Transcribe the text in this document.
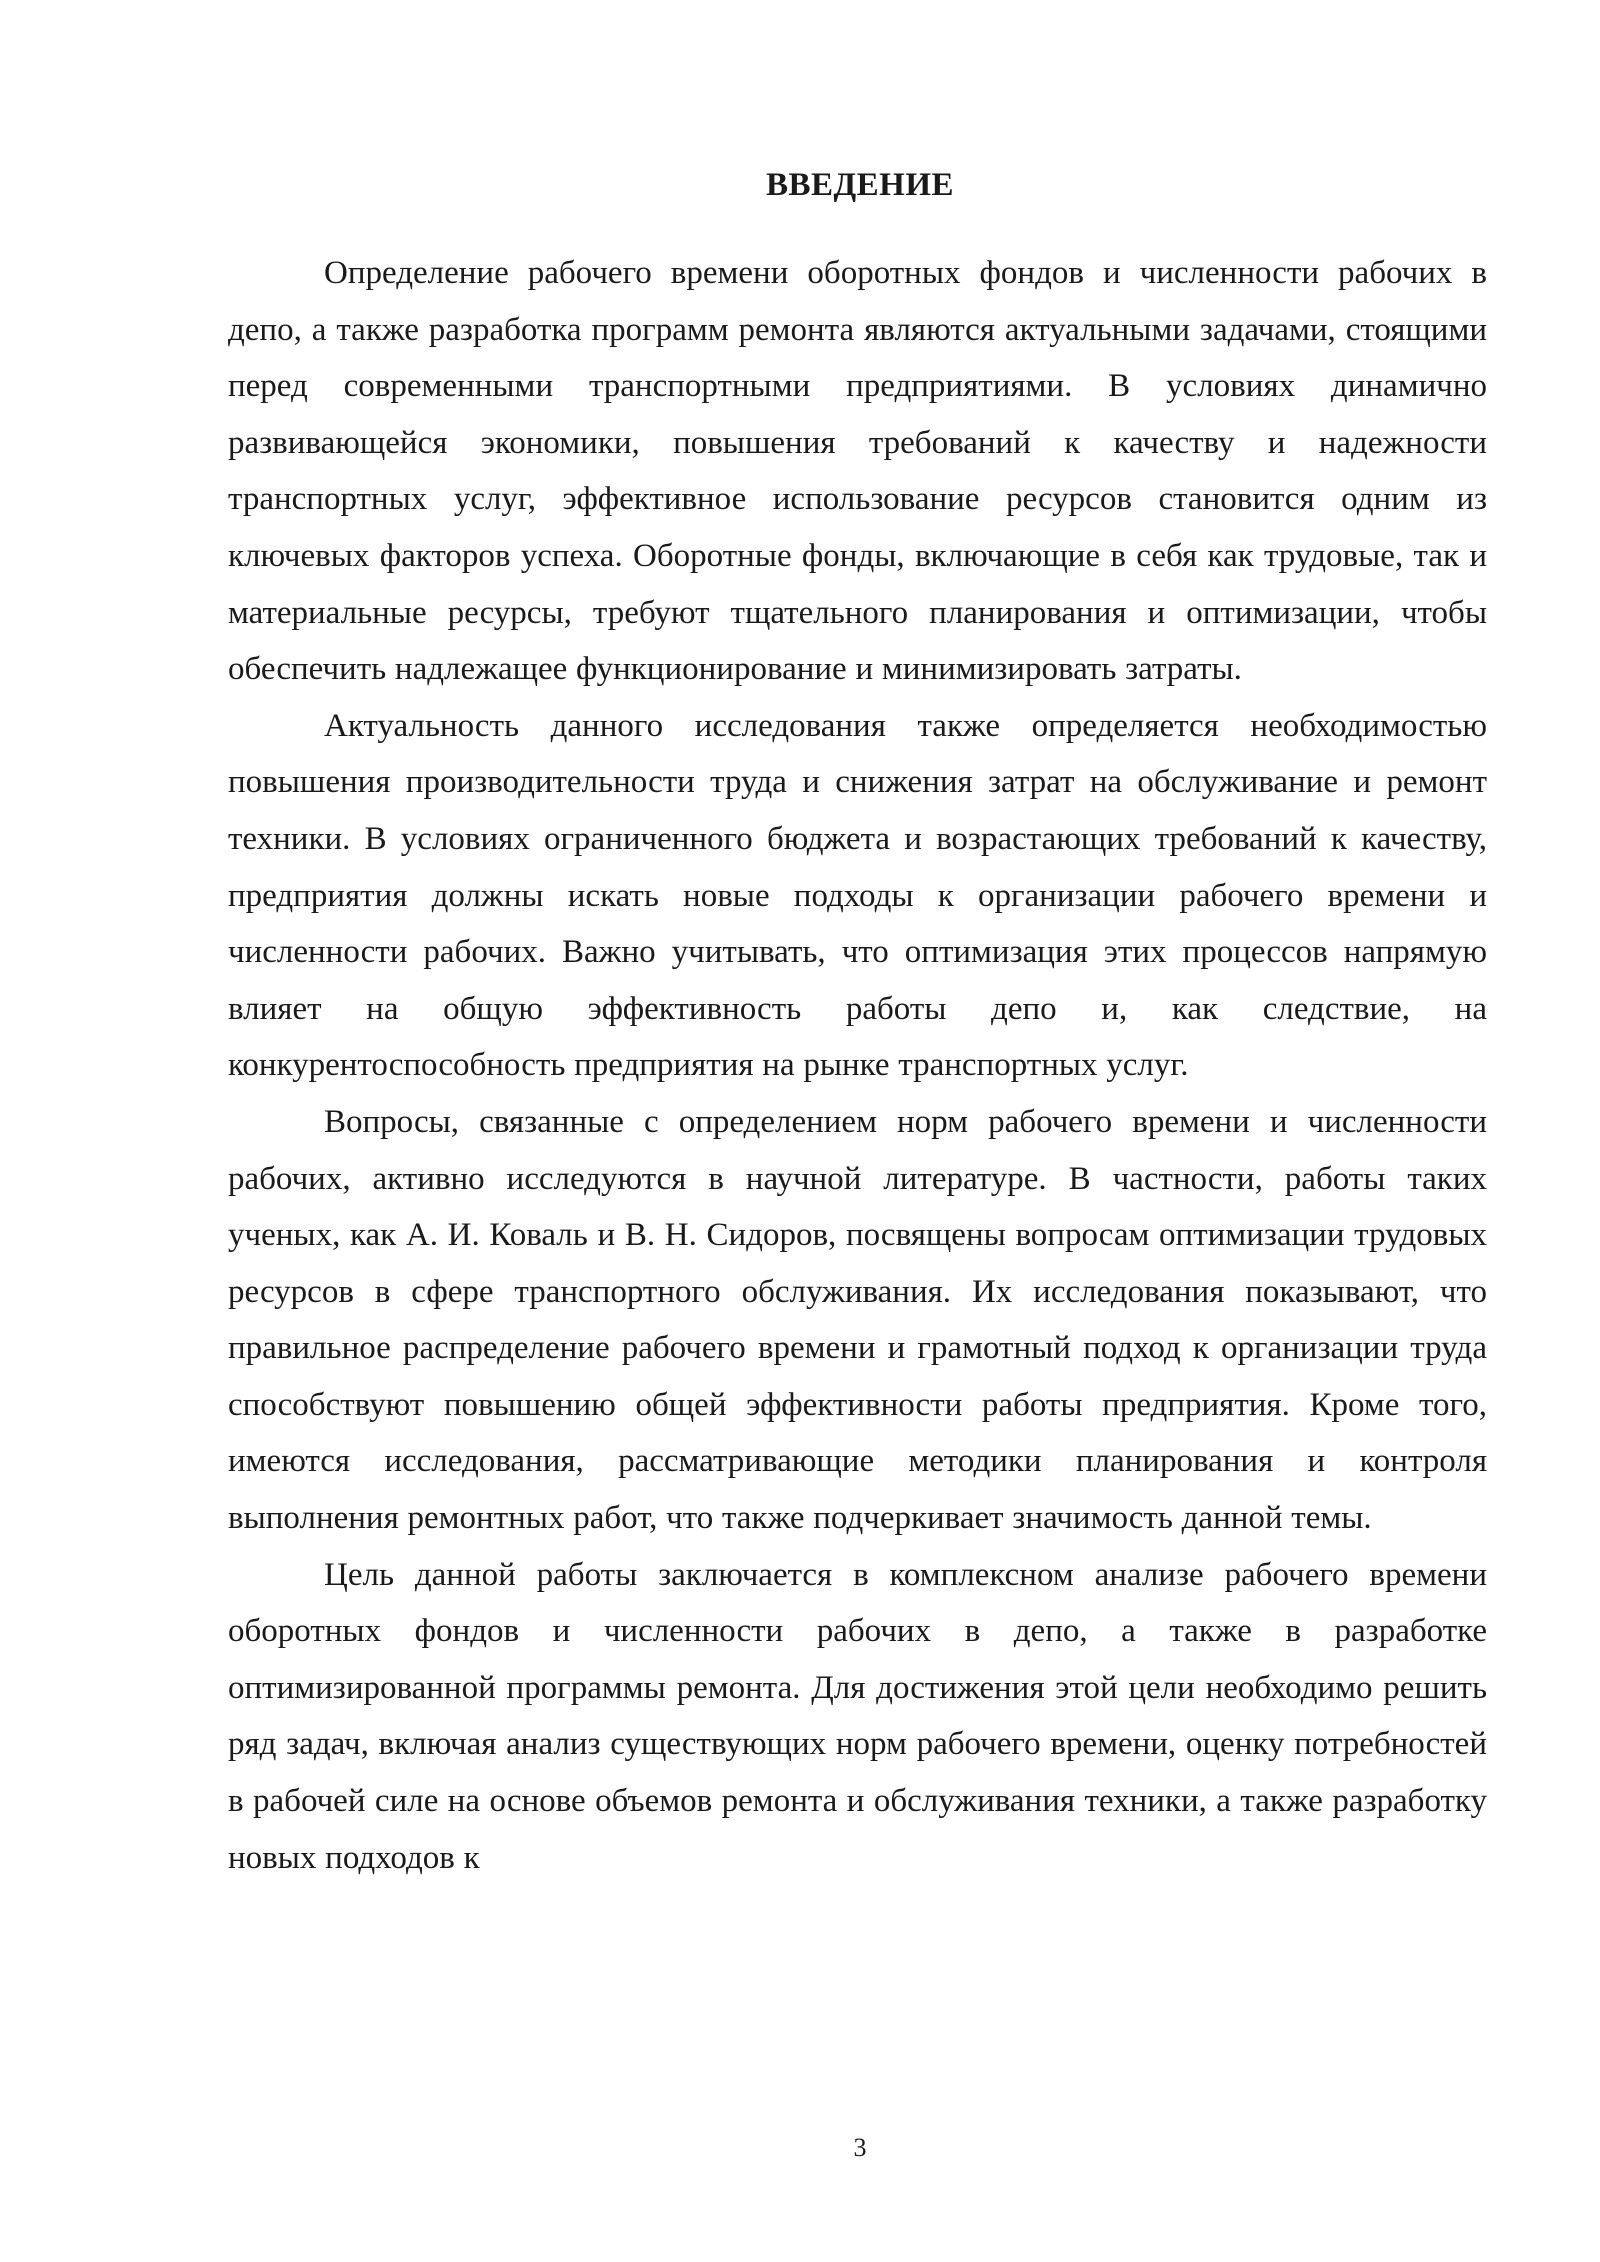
ВВЕДЕНИЕ

Определение рабочего времени оборотных фондов и численности рабочих в депо, а также разработка программ ремонта являются актуальными задачами, стоящими перед современными транспортными предприятиями. В условиях динамично развивающейся экономики, повышения требований к качеству и надежности транспортных услуг, эффективное использование ресурсов становится одним из ключевых факторов успеха. Оборотные фонды, включающие в себя как трудовые, так и материальные ресурсы, требуют тщательного планирования и оптимизации, чтобы обеспечить надлежащее функционирование и минимизировать затраты.

Актуальность данного исследования также определяется необходимостью повышения производительности труда и снижения затрат на обслуживание и ремонт техники. В условиях ограниченного бюджета и возрастающих требований к качеству, предприятия должны искать новые подходы к организации рабочего времени и численности рабочих. Важно учитывать, что оптимизация этих процессов напрямую влияет на общую эффективность работы депо и, как следствие, на конкурентоспособность предприятия на рынке транспортных услуг.

Вопросы, связанные с определением норм рабочего времени и численности рабочих, активно исследуются в научной литературе. В частности, работы таких ученых, как А. И. Коваль и В. Н. Сидоров, посвящены вопросам оптимизации трудовых ресурсов в сфере транспортного обслуживания. Их исследования показывают, что правильное распределение рабочего времени и грамотный подход к организации труда способствуют повышению общей эффективности работы предприятия. Кроме того, имеются исследования, рассматривающие методики планирования и контроля выполнения ремонтных работ, что также подчеркивает значимость данной темы.

Цель данной работы заключается в комплексном анализе рабочего времени оборотных фондов и численности рабочих в депо, а также в разработке оптимизированной программы ремонта. Для достижения этой цели необходимо решить ряд задач, включая анализ существующих норм рабочего времени, оценку потребностей в рабочей силе на основе объемов ремонта и обслуживания техники, а также разработку новых подходов к

3
